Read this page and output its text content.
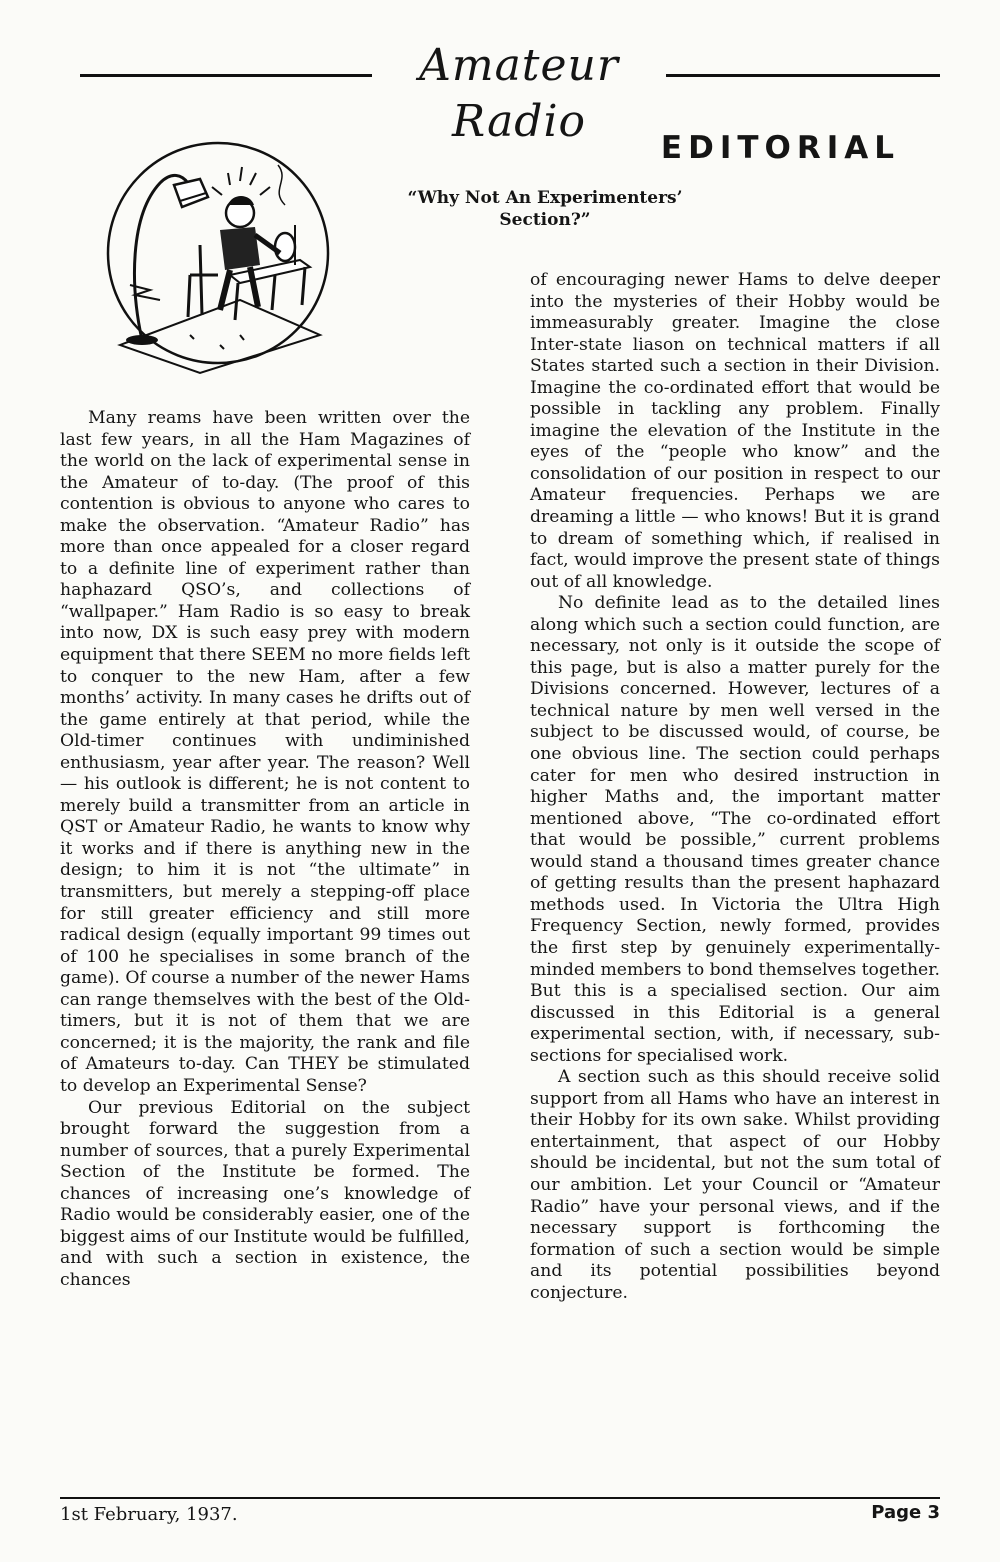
Amateur Radio
EDITORIAL
“Why Not An Experimenters’
Section?”

Many reams have been written over the last few years, in all the Ham Magazines of the world on the lack of experimental sense in the Amateur of to-day. (The proof of this contention is obvious to anyone who cares to make the observation. “Amateur Radio” has more than once appealed for a closer regard to a definite line of experiment rather than haphazard QSO’s, and collections of “wallpaper.” Ham Radio is so easy to break into now, DX is such easy prey with modern equipment that there SEEM no more fields left to conquer to the new Ham, after a few months’ activity. In many cases he drifts out of the game entirely at that period, while the Old-timer continues with undiminished enthusiasm, year after year. The reason? Well — his outlook is different; he is not content to merely build a transmitter from an article in QST or Amateur Radio, he wants to know why it works and if there is anything new in the design; to him it is not “the ultimate” in transmitters, but merely a stepping-off place for still greater efficiency and still more radical design (equally important 99 times out of 100 he specialises in some branch of the game). Of course a number of the newer Hams can range themselves with the best of the Old-timers, but it is not of them that we are concerned; it is the majority, the rank and file of Amateurs to-day. Can THEY be stimulated to develop an Experimental Sense?

Our previous Editorial on the subject brought forward the suggestion from a number of sources, that a purely Experimental Section of the Institute be formed. The chances of increasing one’s knowledge of Radio would be considerably easier, one of the biggest aims of our Institute would be fulfilled, and with such a section in existence, the chances

of encouraging newer Hams to delve deeper into the mysteries of their Hobby would be immeasurably greater. Imagine the close Inter-state liason on technical matters if all States started such a section in their Division. Imagine the co-ordinated effort that would be possible in tackling any problem. Finally imagine the elevation of the Institute in the eyes of the “people who know” and the consolidation of our position in respect to our Amateur frequencies. Perhaps we are dreaming a little — who knows! But it is grand to dream of something which, if realised in fact, would improve the present state of things out of all knowledge.

No definite lead as to the detailed lines along which such a section could function, are necessary, not only is it outside the scope of this page, but is also a matter purely for the Divisions concerned. However, lectures of a technical nature by men well versed in the subject to be discussed would, of course, be one obvious line. The section could perhaps cater for men who desired instruction in higher Maths and, the important matter mentioned above, “The co-ordinated effort that would be possible,” current problems would stand a thousand times greater chance of getting results than the present haphazard methods used. In Victoria the Ultra High Frequency Section, newly formed, provides the first step by genuinely experimentally-minded members to bond themselves together. But this is a specialised section. Our aim discussed in this Editorial is a general experimental section, with, if necessary, sub-sections for specialised work.

A section such as this should receive solid support from all Hams who have an interest in their Hobby for its own sake. Whilst providing entertainment, that aspect of our Hobby should be incidental, but not the sum total of our ambition. Let your Council or “Amateur Radio” have your personal views, and if the necessary support is forthcoming the formation of such a section would be simple and its potential possibilities beyond conjecture.

1st February, 1937.	Page 3
